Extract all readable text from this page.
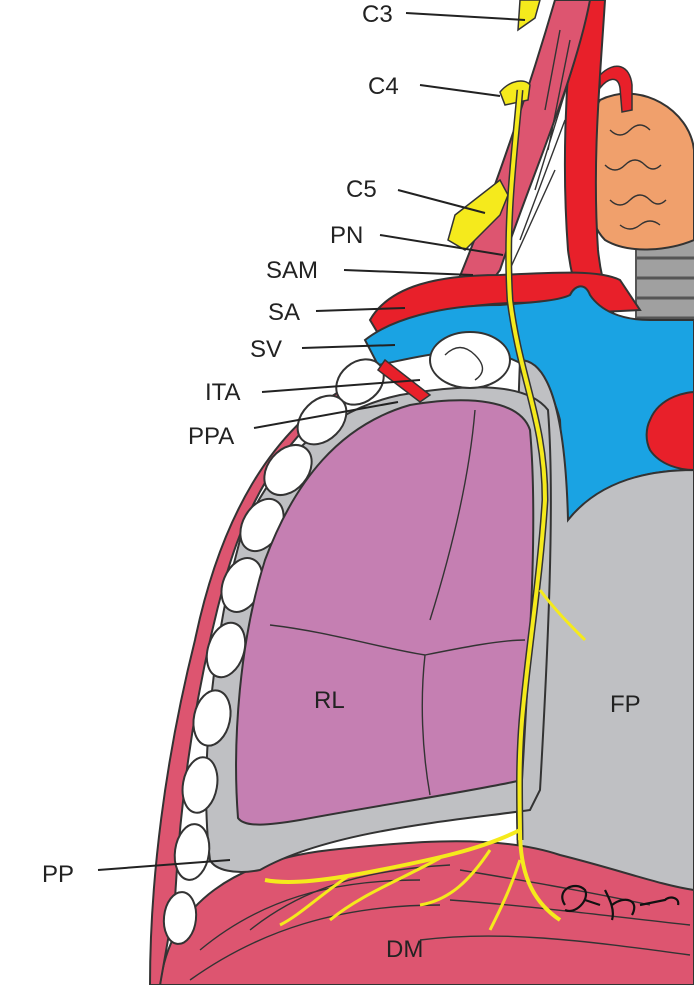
C3
C4
C5
PN
SAM
SA
SV
ITA
PPA
PP
RL	FP
DM
